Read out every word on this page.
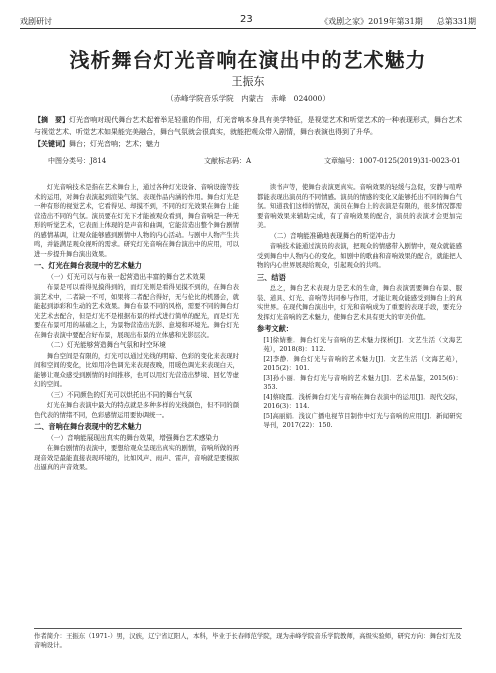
戏剧研讨	23	《戏剧之家》2019年第31期 总第331期
浅析舞台灯光音响在演出中的艺术魅力
王振东
（赤峰学院音乐学院　内蒙古　赤峰　024000）
【摘　要】灯光音响对现代舞台艺术起着举足轻重的作用，灯光音响本身具有美学特征，是视觉艺术和听觉艺术的一种表现形式，舞台艺术与视觉艺术、听觉艺术如果能完美融合，舞台气氛就会很真实，就能把观众带入剧情，舞台表演也得到了升华。
【关键词】舞台；灯光音响；艺术；魅力
中图分类号：J814	文献标志码：A	文章编号：1007-0125(2019)31-0023-01

灯光音响技术是指在艺术舞台上，通过各种灯光设备、音响设施等技术的运用，对舞台表演起到渲染气氛、表现作品内涵的作用。舞台灯光是一种有形的视觉艺术，它看得见、却摸不到，不同的灯光效果在舞台上能营造出不同的气氛。演员要在灯光下才能被观众看到，舞台音响是一种无形的听觉艺术，它表面上体现的是声音和曲调，它能营造出整个舞台剧情的感情基调，让观众能够感到剧情中人物的内心活动。与剧中人物产生共鸣，并能满足观众视听的需求。研究灯光音响在舞台演出中的应用，可以进一步提升舞台演出效果。

一、灯光在舞台表现中的艺术魅力
（一）灯光可以与布景一起营造出丰富的舞台艺术效果

布景是可以看得见摸得到的，而灯光则是看得见摸不到的，在舞台表演艺术中，二者缺一不可，如果将二者配合得好，无与伦比的机器会，就能起到添彩和生动的艺术效果。舞台布景不同的风格，需要不同的舞台灯光艺术去配合，但是灯光不是根据布景的样式进行简单的配光，而是灯光要在布景可用的基础之上，为景物营造出光影、意境和环境光。舞台灯光在舞台表演中要配合好布景，展现出布景的立体感和光影层次。

（二）灯光能够营造舞台气氛和时空环境

舞台空间是有限的，灯光可以通过光线的明暗、色彩的变化来表现时间和空间的变化，比如用冷色调光来表现夜晚，用暖色调光来表现白天，能够让观众感受到剧情的时间推移，也可以用灯光营造出梦境、回忆等虚幻的空间。

（三）不同颜色的灯光可以烘托出不同的舞台气氛

灯光在舞台表演中最大的特点就是多种多样的光线颜色，但不同的颜色代表的情绪不同，色彩感情运用要协调统一。

二、音响在舞台表现中的艺术魅力
（一）音响能展现出真实的舞台效果，增强舞台艺术感染力

在舞台剧情的表演中，要想给观众呈现出真实的剧情，音响所做的再现音效是最能直接表现环境的，比如风声、雨声、雷声，音响就是要模拟出逼真的声音效果。

读书声等，使舞台表演更真实。音响效果的轻缓与急促，安静与喧哗都能表现出演员的不同情感。演员的情感的变化又能够托出不同的舞台气氛。知道我们这样的情况，演员在舞台上的表演是有限的，很多情况都需要音响效果来辅助完成，有了音响效果的配合，演员的表演才会更加完美。

（二）音响能准确地表现舞台的听觉冲击力

音响技术能通过演员的表演，把观众的情感带入剧情中，观众就能感受到舞台中人物内心的变化，如剧中的歌曲和音响效果的配合，就能把人物的内心世界展现给观众，引起观众的共鸣。

三、结语

总之，舞台艺术表现力是艺术的生命，舞台表演需要舞台布景、服装、道具、灯光、音响等共同参与作用，才能让观众能感受到舞台上的真实世界。在现代舞台演出中，灯光和音响成为了重要的表现手段，要充分发挥灯光音响的艺术魅力，使舞台艺术具有更大的审美价值。

参考文献：

[1]徐婧雅．舞台灯光与音响的艺术魅力探析[J]．文艺生活（文海艺苑），2018(8)：112.

[2]李静．舞台灯光与音响的艺术魅力[J]．文艺生活（文海艺苑），2015(2)：101.

[3]孙小丽．舞台灯光与音响的艺术魅力[J]．艺术品鉴，2015(6)：353.

[4]蔡晓霞．浅析舞台灯光与音响在舞台表演中的运用[J]．现代交际，2016(3)：114.

[5]高丽娟．浅议广播电视节目制作中灯光与音响的应用[J]．新闻研究导刊，2017(22)：150.

作者简介：王振东（1971-）男，汉族，辽宁省辽阳人，本科，毕业于长春师范学院，现为赤峰学院音乐学院教师，高级实验师，研究方向：舞台灯光及音响设计。
